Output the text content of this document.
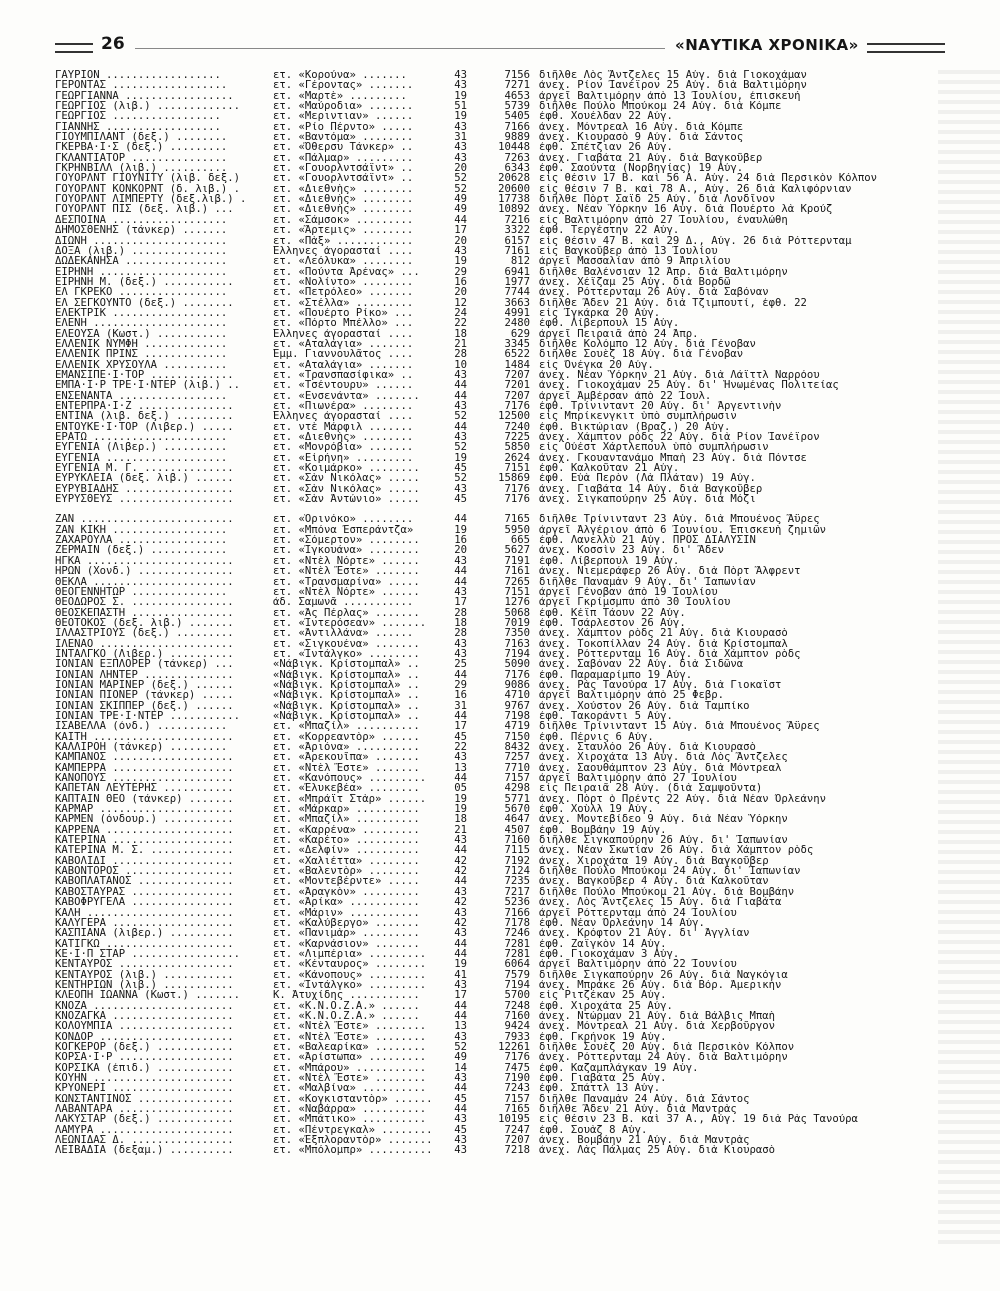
26	«ΝΑΥΤΙΚΑ ΧΡΟΝΙΚΑ»
ΓΑΥΡΙΟΝ ..................	ετ. «Κορούνα» .......	43	7156 διῆλθε Λὸς Ἄντζελες 15 Αὐγ. διὰ Γιοκοχάμαν
ΓΕΡΟΝΤΑΣ ..................	ετ. «Γέροντας» .......	43	7271 ἀνεχ. Ρίον Ἰανέϊρον 25 Αὐγ. διὰ Βαλτιμόρην
ΓΕΩΡΓΙΑΝΝΑ .................	ετ. «Μαρτὲ» .........	19	4653 ἀργεῖ Βαλτιμόρην ἀπὸ 13 Ἰουλίου, ἐπισκευή
ΓΕΩΡΓΙΟΣ (λιβ.) .............	ετ. «Μαύροδια» .......	51	5739 διῆλθε Πούλο Μπούκομ 24 Αὐγ. διὰ Κόμπε
ΓΕΩΡΓΙΟΣ .................	ετ. «Μεριντιαν» ......	19	5405 ἐφθ. Χουέλδαν 22 Αὐγ.
ΓΙΑΝΝΗΣ ..................	ετ. «Ρίο Πέρντο» .....	43	7166 ἀνεχ. Μόντρεαλ 16 Αὐγ. διὰ Κόμπε
ΓΙΟΥΜΠΙΛΑΝΤ (δεξ.) ........	ετ. «Βαντόμα» ........	31	9889 ἀνεχ. Κιουρασὸ 9 Αὐγ. διὰ Σάντος
ΓΚΕΡΒΑ·Ι·Σ (δεξ.) .........	ετ. «Ὄθερσυ Τάνκερ» ..	43	10448 ἐφθ. Σπέτζιαν 26 Αὐγ.
ΓΚΛΑΝΤΙΑΤΟΡ ...............	ετ. «Πάλμαρ» .........	43	7263 ἀνεχ. Γιαβάτα 21 Αὐγ. διὰ Βαγκοῦβερ
ΓΚΡΗΝΒΙΛΛ (λιβ.) ..........	ετ. «Γουορλντσάϊντ» ..	20	6343 ἐφθ. Σαούντα (Νορβηγίας) 19 Αὐγ.
ΓΟΥΟΡΛΝΤ ΓΙΟΥΝΙΤΥ (λιβ. δεξ.)	ετ. «Γουορλντσάϊντ» ..	52	20628 εἰς θέσιν 17 Β. καὶ 56 Α. Αὐγ. 24 διὰ Περσικὸν Κόλπον
ΓΟΥΟΡΛΝΤ ΚΟΝΚΟΡΝΤ (δ. λιβ.) .	ετ. «Διεθνὴς» ........	52	20600 εἰς θέσιν 7 Β. καὶ 78 Α., Αὐγ. 26 διὰ Καλιφόρνιαν
ΓΟΥΟΡΛΝΤ ΛΙΜΠΕΡΤΥ (δεξ.λιβ.) .	ετ. «Διεθνὴς» ........	49	17738 διῆλθε Πὸρτ Σαΐδ 25 Αὐγ. διὰ Λονδῖνον
ΓΟΥΟΡΛΝΤ ΠΙΣ (δεξ. λιβ.) ...	ετ. «Διεθνὴς» ........	49	10892 ἀνεχ. Νέαν Ὑόρκην 16 Αὐγ. διὰ Πουέρτο λὰ Κρούζ
ΔΕΣΠΟΙΝΑ ..................	ετ. «Σάμσοκ» .........	44	7216 εἰς Βαλτιμόρην ἀπὸ 27 Ἰουλίου, ἐναυλώθη
ΔΗΜΟΣΘΕΝΗΣ (τάνκερ) .......	ετ. «Ἄρτεμις» ........	17	3322 ἐφθ. Τεργέστην 22 Αὐγ.
ΔΙΩΝΗ .....................	ετ. «Πὰξ» ............	20	6157 εἰς θέσιν 47 Β. καὶ 29 Δ., Αὐγ. 26 διὰ Ρόττερνταμ
ΔΟΞΑ (λιβ.) ...............	Ἕλληνες ἀγορασταί ....	43	7161 εἰς Βαγκοῦβερ ἀπὸ 13 Ἰουλίου
ΔΩΔΕΚΑΝΗΣΑ ................	ετ. «Λεόλυκα» ........	19	812 ἀργεῖ Μασσαλίαν ἀπὸ 9 Ἀπριλίου
ΕΙΡΗΝΗ ....................	ετ. «Πούντα Ἀρένας» ...	29	6941 διῆλθε Βαλένσιαν 12 Ἀπρ. διὰ Βαλτιμόρην
ΕΙΡΗΝΗ Μ. (δεξ.) ...........	ετ. «Νολίντο» ........	16	1977 ἀνεχ. Χέϊζαμ 25 Αὐγ. διὰ Βορδῶ
ΕΛ ΓΚΡΕΚΟ .................	ετ. «Πετρόλεο» .......	20	7744 ἀνεχ. Ρόττερνταμ 26 Αὐγ. διὰ Σαβόναν
ΕΛ ΣΕΓΚΟΥΝΤΟ (δεξ.) ........	ετ. «Στέλλα» .........	12	3663 διῆλθε Ἄδεν 21 Αὐγ. διὰ Τζιμπουτί, ἐφθ. 22
ΕΛΕΚΤΡΙΚ ..................	ετ. «Πουέρτο Ρίκο» ...	24	4991 εἰς Ἰγκάρκα 20 Αὐγ.
ΕΛΕΝΗ .....................	ετ. «Πόρτο Μπέλλο» ...	22	2480 ἐφθ. Λίβερπουλ 15 Αὐγ.
ΕΛΕΟΥΣΑ (Κωστ.) ...........	Ἕλληνες ἀγορασταί ....	18	629 ἀργεῖ Πειραιᾶ ἀπὸ 24 Ἀπρ.
ΕΛΛΕΝΙΚ ΝΥΜΦΗ .............	ετ. «Αταλάγια» .......	21	3345 διῆλθε Κολόμπο 12 Αὐγ. διὰ Γένοβαν
ΕΛΛΕΝΙΚ ΠΡΙΝΣ .............	Ἐμμ. Γιαννουλᾶτος ....	28	6522 διῆλθε Σουὲζ 18 Αὐγ. διὰ Γένοβαν
ΕΛΛΕΝΙΚ ΧΡΥΣΟΥΛΑ ..........	ετ. «Αταλάγια» .......	10	1484 εἰς Ὀνέγκα 20 Αὐγ.
ΕΜΑΝΣΙΠΕ·Ι·ΤΟΡ .............	ετ. «Τρανσπασίφικα» ..	43	7207 ἀνεχ. Νέαν Ὑόρκην 21 Αὐγ. διὰ Λάϊττλ Ναρρόου
ΕΜΠΑ·Ι·Ρ ΤΡΕ·Ι·ΝΤΕΡ (λιβ.) ..	ετ. «Τσέντουρυ» ......	44	7201 ἀνεχ. Γιοκοχάμαν 25 Αὐγ. δι' Ἡνωμένας Πολιτείας
ΕΝΣΕΝΑΝΤΑ .................	ετ. «Ενσενάντα» .......	44	7207 ἀργεῖ Ἀμβέρσαν ἀπὸ 22 Ἰουλ.
ΕΝΤΕΡΠΡΑ·Ι·Ζ ...............	ετ. «Πιωνέρα» ........	43	7176 ἐφθ. Τρίνινταντ 20 Αὐγ. δι' Ἀργεντινὴν
ΕΝΤΙΝΑ (λιβ. δεξ.) .........	Ἕλληνες ἀγορασταί ....	52	12500 εἰς Μπρίκενγκιτ ὑπὸ συμπλήρωσιν
ΕΝΤΟΥΚΕ·Ι·ΤΟΡ (Λιβερ.) .....	ετ. ντὲ Μάρφιλ .......	44	7240 ἐφθ. Βικτώριαν (Βραζ.) 20 Αὐγ.
ΕΡΑΤΩ .....................	ετ. «Διεθνὴς» ........	43	7225 ἀνεχ. Χάμπτον ρὸδς 22 Αὐγ. διὰ Ρίον Ἰανέϊρον
ΕΥΓΕΝΙΑ (Λιβερ.) ..........	ετ. «Μονρόβια» .......	52	5850 εἰς Οὐέστ Χάρτλεπουλ ὑπὸ συμπλήρωσιν
ΕΥΓΕΝΙΑ ...................	ετ. «Εἰρήνη» .........	19	2624 ἀνεχ. Γκουαντανάμο Μπαὴ 23 Αὐγ. διὰ Πόντσε
ΕΥΓΕΝΙΑ Μ. Γ. ..............	ετ. «Κοιμάρκο» ........	45	7151 ἐφθ. Καλκοῦταν 21 Αὐγ.
ΕΥΡΥΚΛΕΙΑ (δεξ. λιβ.) ......	ετ. «Σὰν Νικόλας» .....	52	15869 ἐφθ. Εὐὰ Περὸν (Λὰ Πλάταν) 19 Αὐγ.
ΕΥΡΥΒΙΑΔΗΣ .................	ετ. «Σὰν Νικόλας» .....	43	7176 ἀνεχ. Γιαβάτα 14 Αὐγ. διὰ Βαγκοῦβερ
ΕΥΡΥΣΘΕΥΣ ..................	ετ. «Σὰν Ἀντώνιο» .....	45	7176 ἀνεχ. Σιγκαπούρην 25 Αὐγ. διὰ Μόζι
ΖΑΝ ........................	ετ. «Ὁρινόκο» ........	44	7165 διῆλθε Τρίνινταντ 23 Αὐγ. διὰ Μπουένος Ἄϋρες
ΖΑΝ ΚΙΚΗ ..................	ετ. «Μπόνα Ἐσπεράντζα»	19	5950 ἀργεῖ Ἀλγέριον ἀπὸ 6 Ἰουνίου. Ἐπισκευὴ ζημιῶν
ΖΑΧΑΡΟΥΛΑ .................	ετ. «Σόμερτον» ........	16	665 ἐφθ. Λανελλὺ 21 Αὐγ. ΠΡΟΣ ΔΙΑΛΥΣΙΝ
ΖΕΡΜΑΙΝ (δεξ.) ............	ετ. «Ἰγκουάνα» ........	20	5627 ἀνεχ. Κοσσὶν 23 Αὐγ. δι' Ἄδεν
ΗΓΚΑ .......................	ετ. «Ντὲλ Νόρτε» ......	43	7191 ἐφθ. Λίβερπουλ 19 Αὐγ.
ΗΡΩΝ (Χονδ.) ...............	ετ. «Ντὲλ Ἔστε» .......	44	7161 ἀνεχ. Νιεμεράφερ 26 Αὐγ. διὰ Πὸρτ Ἄλφρεντ
ΘΕΚΛΑ ......................	ετ. «Τρανσμαρίνα» .....	44	7265 διῆλθε Παναμὰν 9 Αὐγ. δι' Ἰαπωνίαν
ΘΕΟΓΕΝΝΗΤΩΡ ...............	ετ. «Ντὲλ Νόρτε» ......	43	7151 ἀργεῖ Γένοβαν ἀπὸ 19 Ἰουλίου
ΘΕΟΔΩΡΟΣ Σ. ................	ἀδ. Σαμωνᾶ ...........	17	1276 ἀργεῖ Γκρίμσμπυ ἀπὸ 30 Ἰουλίου
ΘΕΟΣΚΕΠΑΣΤΗ ................	ετ. «Ἀς Πέρλας» .......	28	5068 ἐφθ. Κέϊπ Τάουν 22 Αὐγ.
ΘΕΟΤΟΚΟΣ (δεξ. λιβ.) .......	ετ. «Ἰντερόσεαν» .......	18	7019 ἐφθ. Τσάρλεστον 26 Αὐγ.
ΙΛΛΑΣΤΡΙΟΥΣ (δεξ.) .........	ετ. «Ἀντιλλάνα» ......	28	7350 ἀνεχ. Χάμπτον ρὸδς 21 Αὐγ. διὰ Κιουρασὸ
ΙΛΕΝΑΟ .....................	ετ. «Σιγκουένα» .......	43	7163 ἀνεχ. Τοκοπίλλαν 24 Αὐγ. διὰ Κρίστομπαλ
ΙΝΤΑΛΓΚΟ (Λιβερ.) ..........	ετ. «Ἰντάλγκο» ........	43	7194 ἀνεχ. Ρόττερνταμ 16 Αὐγ. διὰ Χάμπτον ρὸδς
ΙΟΝΙΑΝ ΕΞΠΛΟΡΕΡ (τάνκερ) ...	«Νάβιγκ. Κρίστομπαλ» ..	25	5090 ἀνεχ. Σαβόναν 22 Αὐγ. διὰ Σιδῶνα
ΙΟΝΙΑΝ ΛΗΝΤΕΡ ..............	«Νάβιγκ. Κρίστομπαλ» ..	44	7176 ἐφθ. Παραμαρίμπο 19 Αὐγ.
ΙΟΝΙΑΝ ΜΑΡΙΝΕΡ (δεξ.) ......	«Νάβιγκ. Κρίστομπαλ» ..	29	9086 ἀνεχ. Ρὰς Τανούρα 17 Αὐγ. διὰ Γιοκαΐστ
ΙΟΝΙΑΝ ΠΙΟΝΕΡ (τάνκερ) .....	«Νάβιγκ. Κρίστομπαλ» ..	16	4710 ἀργεῖ Βαλτιμόρην ἀπὸ 25 Φεβρ.
ΙΟΝΙΑΝ ΣΚΙΠΠΕΡ (δεξ.) ......	«Νάβιγκ. Κρίστομπαλ» ..	31	9767 ἀνεχ. Χούστον 26 Αὐγ. διὰ Ταμπίκο
ΙΟΝΙΑΝ ΤΡΕ·Ι·ΝΤΕΡ ...........	«Νάβιγκ. Κρίστομπαλ» ..	44	7198 ἐφθ. Τακοράντι 5 Αὐγ.
ΙΣΑΒΕΛΛΑ (ὀνδ.) ...........	ετ. «Μπαζίλ» ..........	17	4719 διῆλθε Τρίνινταντ 15 Αὐγ. διὰ Μπουένος Ἄϋρες
ΚΑΙΤΗ ......................	ετ. «Κορρεαντὸρ» ......	45	7150 ἐφθ. Πέρνις 6 Αὐγ.
ΚΑΛΛΙΡΟΗ (τάνκερ) .........	ετ. «Ἀριόνα» ..........	22	8432 ἀνεχ. Σταυλόο 26 Αὐγ. διὰ Κιουρασὸ
ΚΑΜΠΑΝΟΣ ...................	ετ. «Ἀρεκουῖπα» .......	43	7257 ἀνεχ. Χιροχάτα 13 Αὐγ. διὰ Λὸς Ἄντζελες
ΚΑΜΠΕΡΡΑ ...................	ετ. «Ντὲλ Ἔστε» .......	13	7710 ἀνεχ. Σαουθάμπτον 23 Αὐγ. διὰ Μόντρεαλ
ΚΑΝΟΠΟΥΣ ...................	ετ. «Κανόπους» .........	44	7157 ἀργεῖ Βαλτιμόρην ἀπὸ 27 Ἰουλίου
ΚΑΠΕΤΑΝ ΛΕΥΤΕΡΗΣ ...........	ετ. «Ἐλυκεβέα» ........	05	4298 εἰς Πειραιᾶ 28 Αὐγ. (διὰ Σαμψοῦντα)
ΚΑΠΤΑΙΝ ΘΕΟ (τάνκερ) .......	ετ. «Μπράϊτ Στὰρ» ......	19	5771 ἀνεχ. Πὸρτ ὁ Πρέντς 22 Αὐγ. διὰ Νέαν Ὀρλεάνην
ΚΑΡΜΑΡ .....................	ετ. «Μάρκαρ» ..........	19	5670 ἐφθ. Χοὺλλ 19 Αὐγ.
ΚΑΡΜΕΝ (ὀνδουρ.) ...........	ετ. «Μπαζίλ» ..........	18	4647 ἀνεχ. Μοντεβίδεο 9 Αὐγ. διὰ Νέαν Ὑόρκην
ΚΑΡΡΕΝΑ ....................	ετ. «Καρρένα» .........	21	4507 ἐφθ. Βομβάην 19 Αὐγ.
ΚΑΤΕΡΙΝΑ ...................	ετ. «Καρέτο» ..........	43	7160 διῆλθε Σιγκαπούρην 26 Αὐγ. δι' Ἰαπωνίαν
ΚΑΤΕΡΙΝΑ Μ. Σ. .............	ετ. «Δελφίν» ..........	44	7115 ἀνεχ. Νέαν Σκωτίαν 26 Αὐγ. διὰ Χάμπτον ρὸδς
ΚΑΒΟΛΙΔΙ ...................	ετ. «Χαλιέττα» ........	42	7192 ἀνεχ. Χιροχάτα 19 Αὐγ. διὰ Βαγκοῦβερ
ΚΑΒΟΝΤΟΡΟΣ .................	ετ. «Βαλεντὸρ» ........	42	7124 διῆλθε Πούλο Μπούκομ 24 Αὐγ. δι' Ἰαπωνίαν
ΚΑΒΟΠΛΑΤΑΝΟΣ ...............	ετ. «Μοντεβέρντε» .....	44	7235 ἀνεχ. Βαγκοῦβερ 4 Αὐγ. διὰ Καλκοῦταν
ΚΑΒΟΣΤΑΥΡΑΣ ................	ετ. «Ἀραγκὸν» .........	43	7217 διῆλθε Πούλο Μπούκομ 21 Αὐγ. διὰ Βομβάην
ΚΑΒΟΦΡΥΓΕΛΑ ................	ετ. «Ἀρίκα» ...........	42	5236 ἀνεχ. Λὸς Ἄντζελες 15 Αὐγ. διὰ Γιαβάτα
ΚΑΛΗ .......................	ετ. «Μάριν» ...........	43	7166 ἀργεῖ Ρόττερνταμ ἀπὸ 24 Ἰουλίου
ΚΑΛΥΓΕΡΑ ...................	ετ. «Καλύβεργο» .......	42	7178 ἐφθ. Νέαν Ὀρλεάνην 14 Αὐγ.
ΚΑΣΠΙΑΝΑ (λιβερ.) ..........	ετ. «Πανιμὰρ» .........	43	7246 ἀνεχ. Κρόφτον 21 Αὐγ. δι' Ἀγγλίαν
ΚΑΤΙΓΚΩ ....................	ετ. «Καρνάσιον» .......	44	7281 ἐφθ. Ζαϊγκὸν 14 Αὐγ.
ΚΕ·Ι·Π ΣΤΑΡ .................	ετ. «Λιμπέρια» .........	44	7281 ἐφθ. Γιοκοχάμαν 3 Αὐγ.
ΚΕΝΤΑΥΡΟΣ ..................	ετ. «Κένταυρος» ........	19	6064 ἀργεῖ Βαλτιμόρην ἀπὸ 22 Ἰουνίου
ΚΕΝΤΑΥΡΟΣ (λιβ.) ...........	ετ. «Κάνοπους» .........	41	7579 διῆλθε Σιγκαπούρην 26 Αὐγ. διὰ Ναγκόγια
ΚΕΝΤΗΡΙΩΝ (λιβ.) ...........	ετ. «Ἰντάλγκο» .........	43	7194 ἀνεχ. Μπράκε 26 Αὐγ. διὰ Βόρ. Ἀμερικὴν
ΚΛΕΟΠΗ ΙΩΑΝΝΑ (Κωστ.) .......	Κ. Ἀτυχίδης ...........	17	5700 εἰς Ριτζέκαν 25 Αὐγ.
ΚΝΟΖΑ ......................	ετ. «Κ.Ν.Ο.Ζ.Α.» ......	44	7248 ἐφθ. Χιροχάτα 25 Αὐγ.
ΚΝΟΖΑΓΚΑ ...................	ετ. «Κ.Ν.Ο.Ζ.Α.» ......	44	7160 ἀνεχ. Ντώρμαν 21 Αὐγ. διὰ Βάλβις Μπαὴ
ΚΟΛΟΥΜΠΙΑ ..................	ετ. «Ντὲλ Ἔστε» ........	13	9424 ἀνεχ. Μόντρεαλ 21 Αὐγ. διὰ Χερβοῦργον
ΚΟΝΔΟΡ .....................	ετ. «Ντὲλ Ἔστε» ........	43	7933 ἐφθ. Γκρήνοκ 19 Αὐγ.
ΚΟΓΚΕΡΟΡ (δεξ.) ............	ετ. «Βαλεαρίκα» ........	52	12261 διῆλθε Σουὲζ 20 Αὐγ. διὰ Περσικὸν Κόλπον
ΚΟΡΣΑ·Ι·Ρ ..................	ετ. «Ἀρίστωπα» .........	49	7176 ἀνεχ. Ρόττερνταμ 24 Αὐγ. διὰ Βαλτιμόρην
ΚΟΡΣΙΚΑ (ἐπιδ.) ............	ετ. «Μπάρου» ...........	14	7475 ἐφθ. Καζαμπλάγκαν 19 Αὐγ.
ΚΟΥΗΝ ......................	ετ. «Ντὲλ Ἔστε» ........	43	7190 ἐφθ. Γιαβάτα 25 Αὐγ.
ΚΡΥΟΝΕΡΙ ...................	ετ. «Μαλβίνα» ..........	44	7243 ἐφθ. Σπάττλ 13 Αὐγ.
ΚΩΝΣΤΑΝΤΙΝΟΣ ...............	ετ. «Κογκισταντὸρ» ......	45	7157 διῆλθε Παναμὰν 24 Αὐγ. διὰ Σάντος
ΛΑΒΑΝΤΑΡΑ ..................	ετ. «Ναβάρρα» ..........	44	7165 διῆλθε Ἄδεν 21 Αὐγ. διὰ Μαντρὰς
ΛΑΚΥΣΤΑΡ (δεξ.) ............	ετ. «Μπάτικο» ..........	43	10195 εἰς θέσιν 23 Β. καὶ 37 Α., Αὐγ. 19 διὰ Ρὰς Τανούρα
ΛΑΜΥΡΑ .....................	ετ. «Πέντρεγκαλ» ........	45	7247 ἐφθ. Σουὰζ 8 Αὐγ.
ΛΕΩΝΙΔΑΣ Δ. ................	ετ. «Ἐξπλοραντὸρ» .......	43	7207 ἀνεχ. Βομβάην 21 Αὐγ. διὰ Μαντρὰς
ΛΕΙΒΑΔΙΑ (δεξαμ.) ..........	ετ. «Μπόλομπρ» ..........	43	7218 ἀνεχ. Λὰς Πάλμας 25 Αὐγ. διὰ Κιουρασὸ
